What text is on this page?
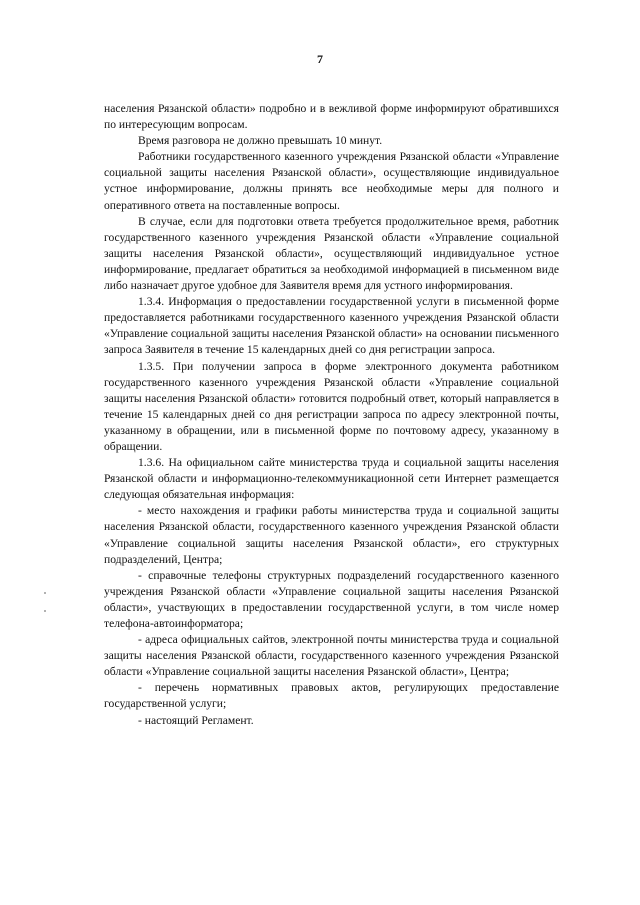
7

населения Рязанской области» подробно и в вежливой форме информируют обратившихся по интересующим вопросам.

Время разговора не должно превышать 10 минут.

Работники государственного казенного учреждения Рязанской области «Управление социальной защиты населения Рязанской области», осуществляющие индивидуальное устное информирование, должны принять все необходимые меры для полного и оперативного ответа на поставленные вопросы.

В случае, если для подготовки ответа требуется продолжительное время, работник государственного казенного учреждения Рязанской области «Управление социальной защиты населения Рязанской области», осуществляющий индивидуальное устное информирование, предлагает обратиться за необходимой информацией в письменном виде либо назначает другое удобное для Заявителя время для устного информирования.

1.3.4. Информация о предоставлении государственной услуги в письменной форме предоставляется работниками государственного казенного учреждения Рязанской области «Управление социальной защиты населения Рязанской области» на основании письменного запроса Заявителя в течение 15 календарных дней со дня регистрации запроса.

1.3.5. При получении запроса в форме электронного документа работником государственного казенного учреждения Рязанской области «Управление социальной защиты населения Рязанской области» готовится подробный ответ, который направляется в течение 15 календарных дней со дня регистрации запроса по адресу электронной почты, указанному в обращении, или в письменной форме по почтовому адресу, указанному в обращении.

1.3.6. На официальном сайте министерства труда и социальной защиты населения Рязанской области и информационно-телекоммуникационной сети Интернет размещается следующая обязательная информация:

- место нахождения и графики работы министерства труда и социальной защиты населения Рязанской области, государственного казенного учреждения Рязанской области «Управление социальной защиты населения Рязанской области», его структурных подразделений, Центра;

- справочные телефоны структурных подразделений государственного казенного учреждения Рязанской области «Управление социальной защиты населения Рязанской области», участвующих в предоставлении государственной услуги, в том числе номер телефона-автоинформатора;

- адреса официальных сайтов, электронной почты министерства труда и социальной защиты населения Рязанской области, государственного казенного учреждения Рязанской области «Управление социальной защиты населения Рязанской области», Центра;

- перечень нормативных правовых актов, регулирующих предоставление государственной услуги;

- настоящий Регламент.
